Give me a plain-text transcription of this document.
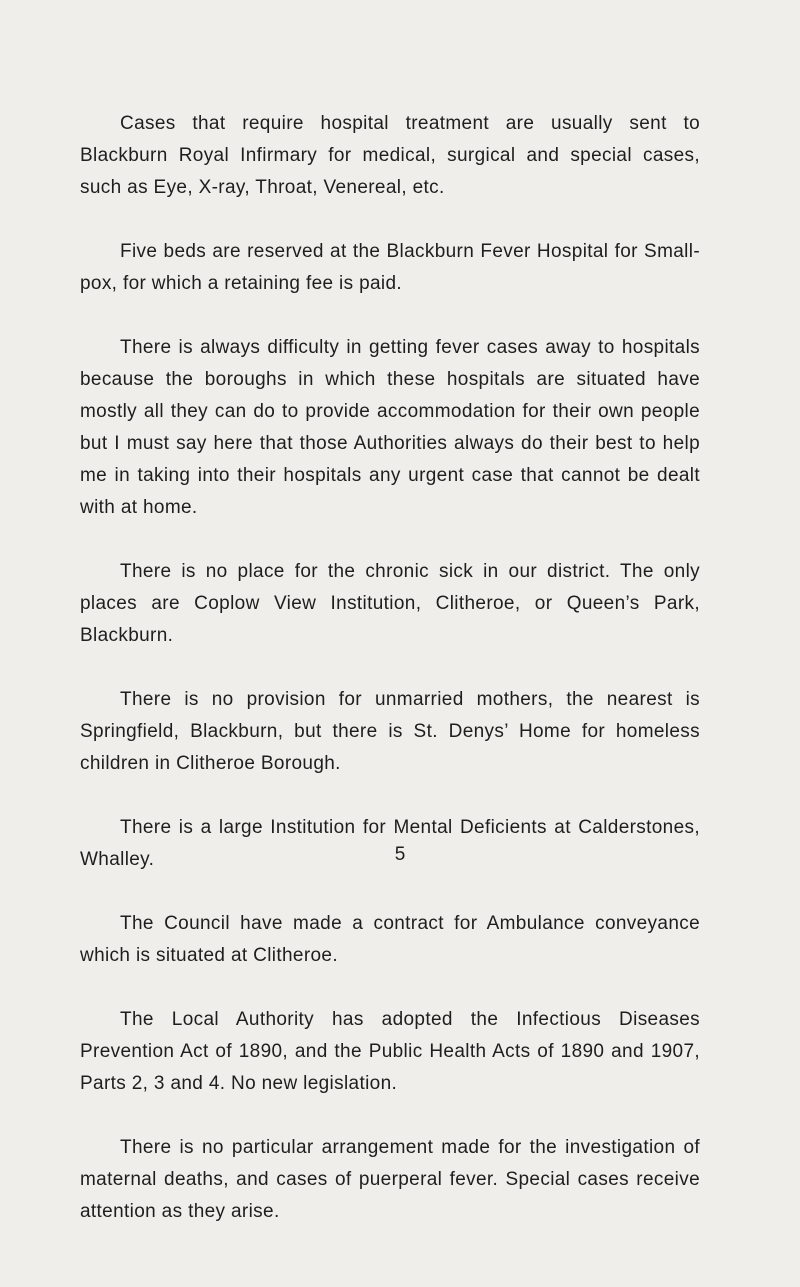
Cases that require hospital treatment are usually sent to Blackburn Royal Infirmary for medical, surgical and special cases, such as Eye, X-ray, Throat, Venereal, etc.

Five beds are reserved at the Blackburn Fever Hospital for Small-pox, for which a retaining fee is paid.

There is always difficulty in getting fever cases away to hospitals because the boroughs in which these hospitals are situated have mostly all they can do to provide accommodation for their own people but I must say here that those Authorities always do their best to help me in taking into their hospitals any urgent case that cannot be dealt with at home.

There is no place for the chronic sick in our district. The only places are Coplow View Institution, Clitheroe, or Queen’s Park, Blackburn.

There is no provision for unmarried mothers, the nearest is Springfield, Blackburn, but there is St. Denys’ Home for homeless children in Clitheroe Borough.

There is a large Institution for Mental Deficients at Calderstones, Whalley.

The Council have made a contract for Ambulance conveyance which is situated at Clitheroe.

The Local Authority has adopted the Infectious Diseases Prevention Act of 1890, and the Public Health Acts of 1890 and 1907, Parts 2, 3 and 4. No new legislation.

There is no particular arrangement made for the investigation of maternal deaths, and cases of puerperal fever. Special cases receive attention as they arise.

5
